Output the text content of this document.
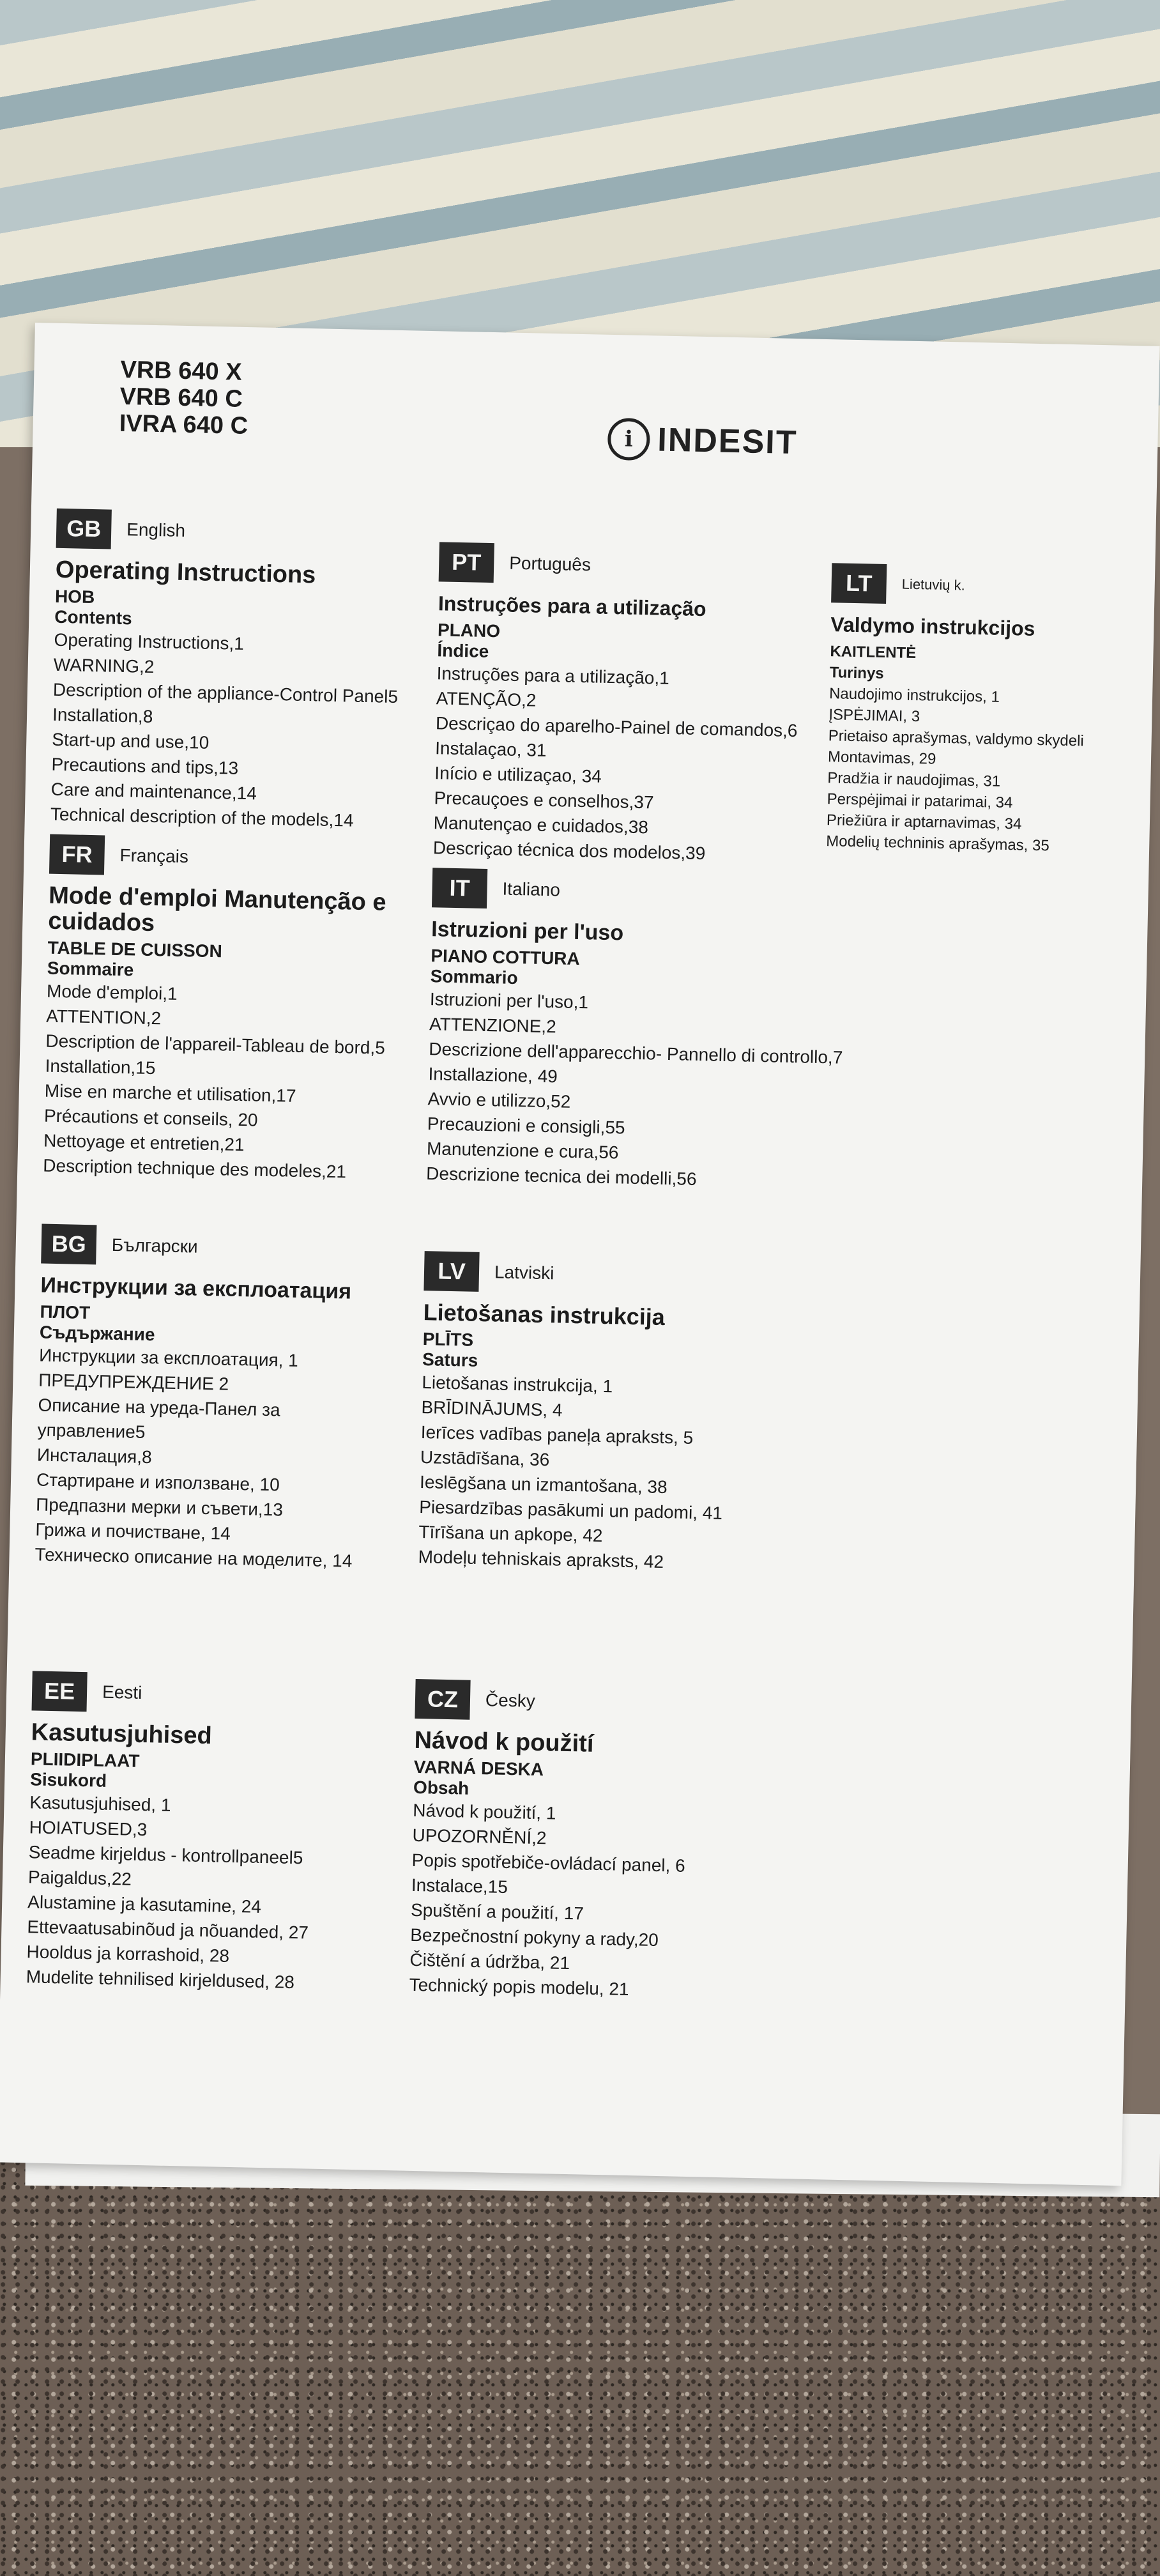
VRB 640 X
VRB 640 C
IVRA 640 C	i INDESIT
GB	English
Operating Instructions
HOB
Contents
Operating Instructions,1
WARNING,2
Description of the appliance-Control Panel5
Installation,8
Start-up and use,10
Precautions and tips,13
Care and maintenance,14
Technical description of the models,14
PT	Português
Instruções para a utilização
PLANO
Índice
Instruções para a utilização,1
ATENÇÃO,2
Descriçao do aparelho-Painel de comandos,6
Instalaçao, 31
Início e utilizaçao, 34
Precauçoes e conselhos,37
Manutençao e cuidados,38
Descriçao técnica dos modelos,39
LT	Lietuvių k.
Valdymo instrukcijos
KAITLENTĖ
Turinys
Naudojimo instrukcijos, 1
ĮSPĖJIMAI, 3
Prietaiso aprašymas, valdymo skydeli
Montavimas, 29
Pradžia ir naudojimas, 31
Perspėjimai ir patarimai, 34
Priežiūra ir aptarnavimas, 34
Modelių techninis aprašymas, 35
FR	Français
Mode d'emploi Manutenção e cuidados
TABLE DE CUISSON
Sommaire
Mode d'emploi,1
ATTENTION,2
Description de l'appareil-Tableau de bord,5
Installation,15
Mise en marche et utilisation,17
Précautions et conseils, 20
Nettoyage et entretien,21
Description technique des modeles,21
IT	Italiano
Istruzioni per l'uso
PIANO COTTURA
Sommario
Istruzioni per l'uso,1
ATTENZIONE,2
Descrizione dell'apparecchio- Pannello di controllo,7
Installazione, 49
Avvio e utilizzo,52
Precauzioni e consigli,55
Manutenzione e cura,56
Descrizione tecnica dei modelli,56
BG	Български
Инструкции за експлоатация
ПЛОТ
Съдържание
Инструкции за експлоатация, 1
ПРЕДУПРЕЖДЕНИЕ 2
Описание на уреда-Панел за
управление5
Инсталация,8
Стартиране и използване, 10
Предпазни мерки и съвети,13
Грижа и почистване, 14
Техническо описание на моделите, 14
LV	Latviski
Lietošanas instrukcija
PLĪTS
Saturs
Lietošanas instrukcija, 1
BRĪDINĀJUMS, 4
Ierīces vadības paneļa apraksts, 5
Uzstādīšana, 36
Ieslēgšana un izmantošana, 38
Piesardzības pasākumi un padomi, 41
Tīrīšana un apkope, 42
Modeļu tehniskais apraksts, 42
EE	Eesti
Kasutusjuhised
PLIIDIPLAAT
Sisukord
Kasutusjuhised, 1
HOIATUSED,3
Seadme kirjeldus - kontrollpaneel5
Paigaldus,22
Alustamine ja kasutamine, 24
Ettevaatusabinõud ja nõuanded, 27
Hooldus ja korrashoid, 28
Mudelite tehnilised kirjeldused, 28
CZ	Česky
Návod k použití
VARNÁ DESKA
Obsah
Návod k použití, 1
UPOZORNĚNÍ,2
Popis spotřebiče-ovládací panel, 6
Instalace,15
Spuštění a použití, 17
Bezpečnostní pokyny a rady,20
Čištění a údržba, 21
Technický popis modelu, 21
